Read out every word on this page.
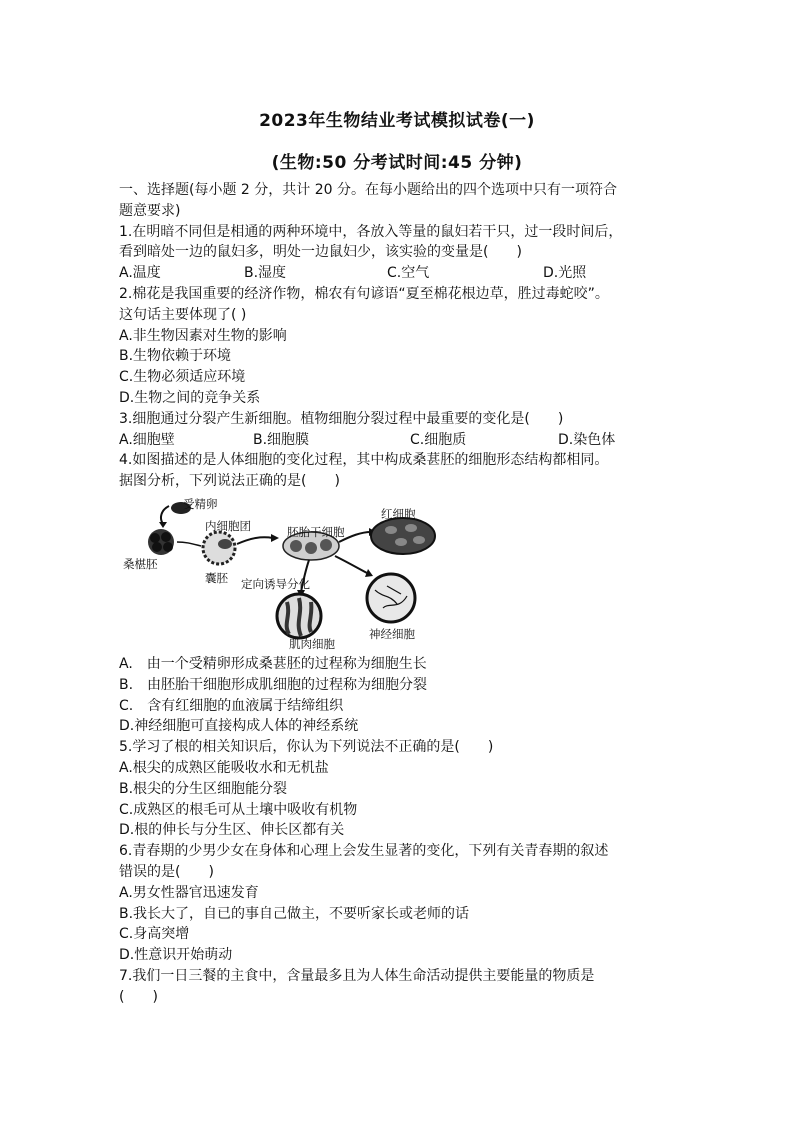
2023年生物结业考试模拟试卷(一)
(生物:50 分考试时间:45 分钟)
一、选择题(每小题 2 分，共计 20 分。在每小题给出的四个选项中只有一项符合
题意要求)
1.在明暗不同但是相通的两种环境中，各放入等量的鼠妇若干只，过一段时间后，
看到暗处一边的鼠妇多，明处一边鼠妇少，该实验的变量是(　　)
A.温度	B.湿度	C.空气	D.光照
2.棉花是我国重要的经济作物，棉农有句谚语“夏至棉花根边草，胜过毒蛇咬”。
这句话主要体现了( )
A.非生物因素对生物的影响
B.生物依赖于环境
C.生物必须适应环境
D.生物之间的竞争关系
3.细胞通过分裂产生新细胞。植物细胞分裂过程中最重要的变化是(　　)
A.细胞壁	B.细胞膜	C.细胞质	D.染色体
4.如图描述的是人体细胞的变化过程，其中构成桑葚胚的细胞形态结构都相同。
据图分析，下列说法正确的是(　　)
受精卵
内细胞团
桑椹胚
囊胚
胚胎干细胞
定向诱导分化
红细胞
神经细胞
肌肉细胞
A.　由一个受精卵形成桑葚胚的过程称为细胞生长
B.　由胚胎干细胞形成肌细胞的过程称为细胞分裂
C.　含有红细胞的血液属于结缔组织
D.神经细胞可直接构成人体的神经系统
5.学习了根的相关知识后，你认为下列说法不正确的是(　　)
A.根尖的成熟区能吸收水和无机盐
B.根尖的分生区细胞能分裂
C.成熟区的根毛可从土壤中吸收有机物
D.根的伸长与分生区、伸长区都有关
6.青春期的少男少女在身体和心理上会发生显著的变化，下列有关青春期的叙述
错误的是(　　)
A.男女性器官迅速发育
B.我长大了，自已的事自己做主，不要听家长或老师的话
C.身高突增
D.性意识开始萌动
7.我们一日三餐的主食中，含量最多且为人体生命活动提供主要能量的物质是
(　　)
